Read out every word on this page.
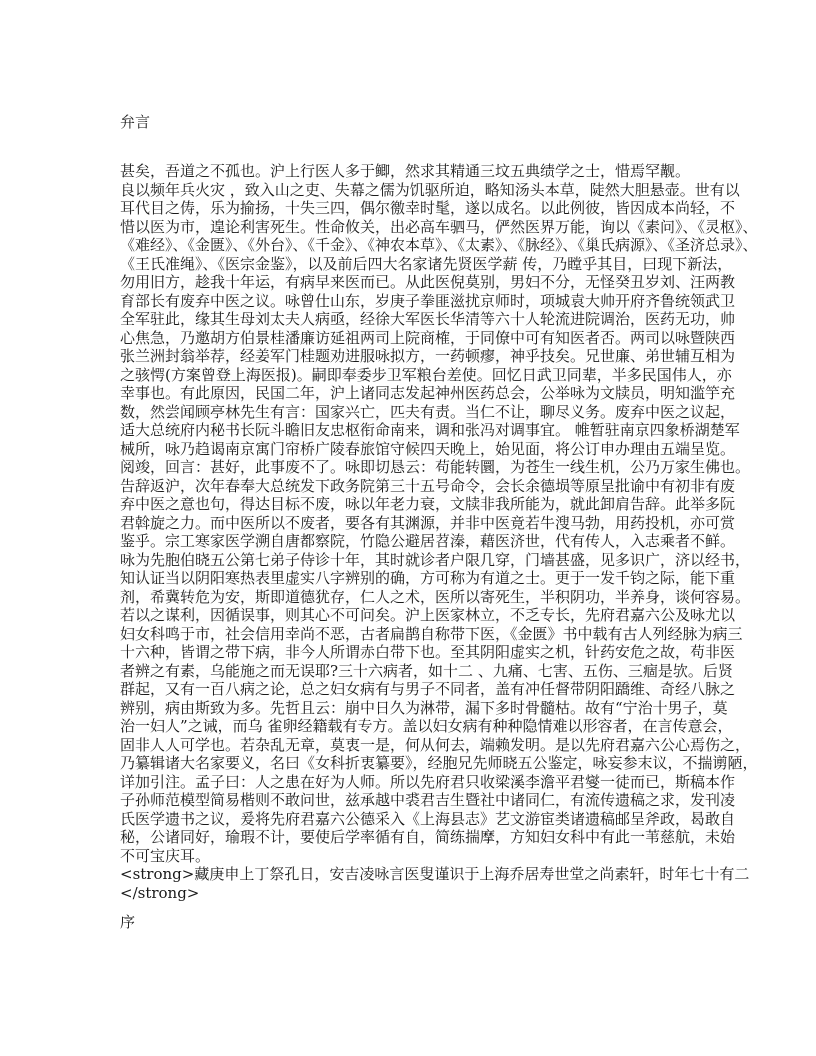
弁言
甚矣，吾道之不孤也。沪上行医人多于鲫，然求其精通三坟五典绩学之士，惜焉罕觏。
良以频年兵火灾 ，致入山之吏、失幕之儒为饥驱所迫，略知汤头本草，陡然大胆悬壶。世有以
耳代目之俦，乐为揄扬，十失三四，偶尔徼幸时髦，遂以成名。以此例彼，皆因成本尚轻，不
惜以医为市，遑论利害死生。性命攸关，出必高车驷马，俨然医界万能，询以《素问》、《灵枢》、
《难经》、《金匮》、《外台》、《千金》、《神农本草》、《太素》、《脉经》、《巢氏病源》、《圣济总录》、
《王氏准绳》、《医宗金鉴》，以及前后四大名家诸先贤医学薪 传，乃瞠乎其目，曰现下新法，
勿用旧方，趁我十年运，有病早来医而已。从此医倪莫别，男妇不分，无怪癸丑岁刘、汪两教
育部长有废弃中医之议。咏曾仕山东，岁庚子拳匪滋扰京师时，项城袁大帅开府齐鲁统领武卫
全军驻此，缘其生母刘太夫人病亟，经徐大军医长华清等六十人轮流进院调治，医药无功，帅
心焦急，乃邀胡方伯景桂潘廉访延祖两司上院商榷，于同僚中可有知医者否。两司以咏暨陕西
张兰洲封翁举荐，经姜军门桂题劝进服咏拟方，一药顿瘳，神乎技矣。兄世廉、弟世辅互相为
之骇愕(方案曾登上海医报)。嗣即奉委步卫军粮台差使。回忆日武卫同辈，半多民国伟人，亦
幸事也。有此原因，民国二年，沪上诸同志发起神州医药总会，公举咏为文牍员，明知滥竽充
数，然尝闻顾亭林先生有言：国家兴亡，匹夫有责。当仁不让，聊尽义务。废弃中医之议起，
适大总统府内秘书长阮斗瞻旧友忠枢衔命南来，调和张冯对调事宜。 帷暂驻南京四象桥湖楚军
械所，咏乃趋谒南京寓门帘桥广陵春旅馆守候四天晚上，始见面，将公订申办理由五端呈览。
阅竣，回言：甚好，此事废不了。咏即切恳云：苟能转圜，为苍生一线生机，公乃万家生佛也。
告辞返沪，次年春奉大总统发下政务院第三十五号命令，会长余德埙等原呈批谕中有初非有废
弃中医之意也句，得达目标不废，咏以年老力衰，文牍非我所能为，就此卸肩告辞。此举多阮
君斡旋之力。而中医所以不废者，要各有其渊源，并非中医竟若牛溲马勃，用药投机，亦可赏
鉴乎。宗工寒家医学溯自唐都察院，竹隐公避居苕溱，藉医济世，代有传人，入志乘者不鲜。
咏为先胞伯晓五公第七弟子侍诊十年，其时就诊者户限几穿，门墙甚盛，见多识广，济以经书，
知认证当以阴阳寒热表里虚实八字辨别的确，方可称为有道之士。更于一发千钧之际，能下重
剂，希冀转危为安，斯即道德犹存，仁人之术，医所以寄死生，半积阴功，半养身，谈何容易。
若以之谋利，因循误事，则其心不可问矣。沪上医家林立，不乏专长，先府君嘉六公及咏尤以
妇女科鸣于市，社会信用幸尚不恶，古者扁鹊自称带下医，《金匮》书中载有古人列经脉为病三
十六种，皆谓之带下病，非今人所谓赤白带下也。至其阴阳虚实之机，针药安危之故，苟非医
者辨之有素，乌能施之而无误耶?三十六病者，如十二 、九痛、七害、五伤、三痼是欤。后贤
群起，又有一百八病之论，总之妇女病有与男子不同者，盖有冲任督带阴阳蹻维、奇经八脉之
辨别，病由斯致为多。先哲且云：崩中日久为淋带，漏下多时骨髓枯。故有“宁治十男子，莫
治一妇人”之诫，而乌 雀卵经籍载有专方。盖以妇女病有种种隐情难以形容者，在言传意会，
固非人人可学也。若杂乱无章，莫衷一是，何从何去，端赖发明。是以先府君嘉六公心焉伤之，
乃纂辑诸大名家要义，名曰《女科折衷纂要》，经胞兄先师晓五公鉴定，咏妄参末议，不揣谫陋，
详加引注。孟子曰：人之患在好为人师。所以先府君只收梁溪李澹平君燮一徒而已，斯稿本作
子孙师范模型简易楷则不敢问世，兹承越中裘君吉生暨社中诸同仁，有流传遗稿之求，发刊凌
氏医学遗书之议，爰将先府君嘉六公德采入《上海县志》艺文游宦类诸遗稿邮呈斧政，曷敢自
秘，公诸同好，瑜瑕不计，要使后学率循有自，简练揣摩，方知妇女科中有此一苇慈航，未始
不可宝庆耳。
<strong>藏庚申上丁祭孔日，安吉凌咏言医叟谨识于上海乔居寿世堂之尚素轩，时年七十有二
</strong>
序
